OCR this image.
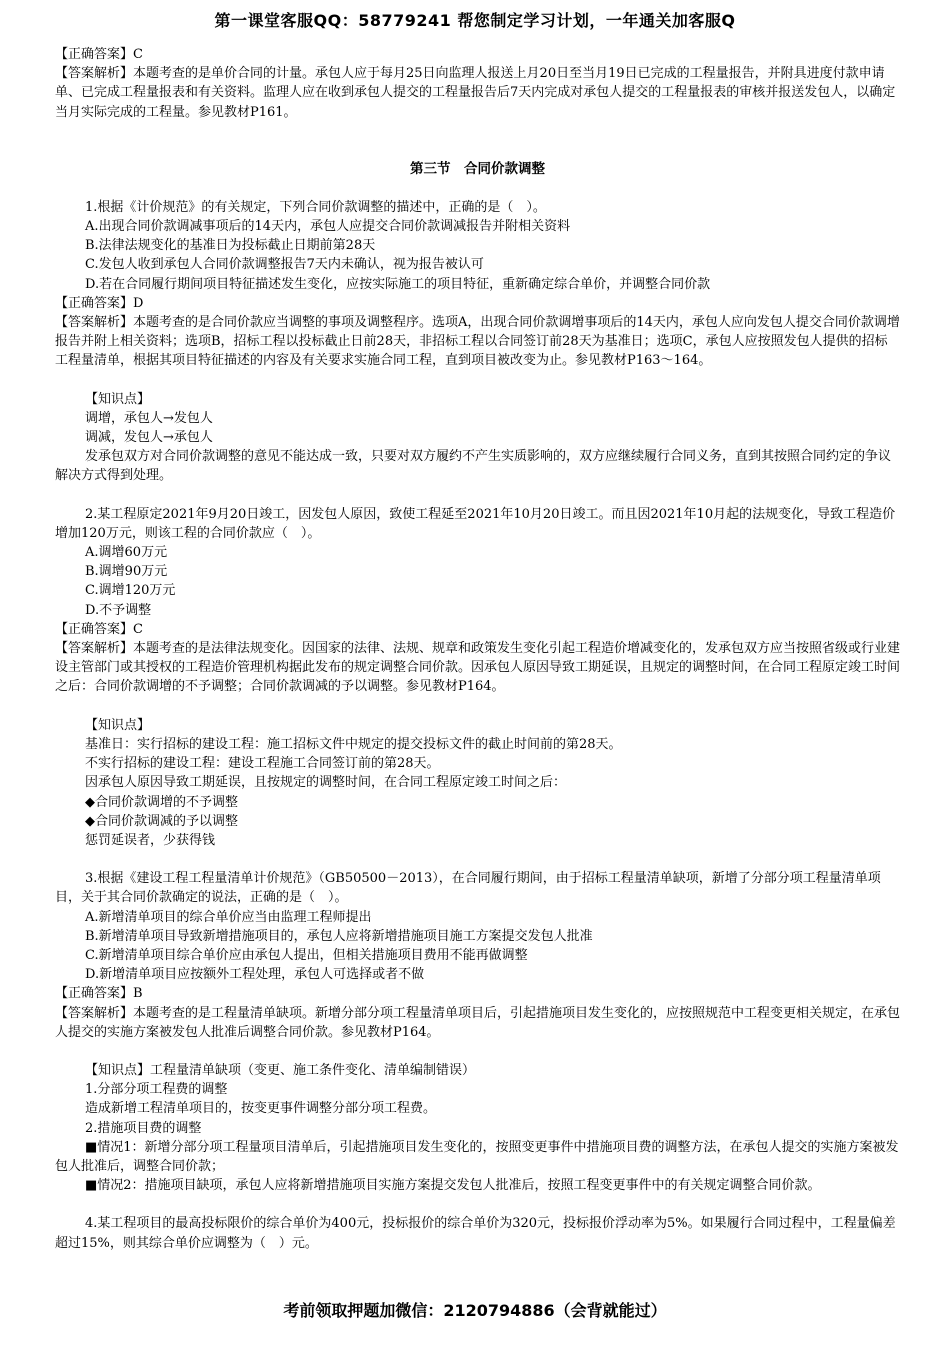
第一课堂客服QQ：58779241 帮您制定学习计划，一年通关加客服Q

【正确答案】C

【答案解析】本题考查的是单价合同的计量。承包人应于每月25日向监理人报送上月20日至当月19日已完成的工程量报告，并附具进度付款申请单、已完成工程量报表和有关资料。监理人应在收到承包人提交的工程量报告后7天内完成对承包人提交的工程量报表的审核并报送发包人，以确定当月实际完成的工程量。参见教材P161。

第三节　合同价款调整

1.根据《计价规范》的有关规定，下列合同价款调整的描述中，正确的是（　）。

A.出现合同价款调减事项后的14天内，承包人应提交合同价款调减报告并附相关资料

B.法律法规变化的基准日为投标截止日期前第28天

C.发包人收到承包人合同价款调整报告7天内未确认，视为报告被认可

D.若在合同履行期间项目特征描述发生变化，应按实际施工的项目特征，重新确定综合单价，并调整合同价款

【正确答案】D

【答案解析】本题考查的是合同价款应当调整的事项及调整程序。选项A，出现合同价款调增事项后的14天内，承包人应向发包人提交合同价款调增报告并附上相关资料；选项B，招标工程以投标截止日前28天，非招标工程以合同签订前28天为基准日；选项C，承包人应按照发包人提供的招标工程量清单，根据其项目特征描述的内容及有关要求实施合同工程，直到项目被改变为止。参见教材P163～164。

【知识点】

调增，承包人→发包人

调减，发包人→承包人

发承包双方对合同价款调整的意见不能达成一致，只要对双方履约不产生实质影响的，双方应继续履行合同义务，直到其按照合同约定的争议解决方式得到处理。

2.某工程原定2021年9月20日竣工，因发包人原因，致使工程延至2021年10月20日竣工。而且因2021年10月起的法规变化，导致工程造价增加120万元，则该工程的合同价款应（　）。

A.调增60万元

B.调增90万元

C.调增120万元

D.不予调整

【正确答案】C

【答案解析】本题考查的是法律法规变化。因国家的法律、法规、规章和政策发生变化引起工程造价增减变化的，发承包双方应当按照省级或行业建设主管部门或其授权的工程造价管理机构据此发布的规定调整合同价款。因承包人原因导致工期延误，且规定的调整时间，在合同工程原定竣工时间之后：合同价款调增的不予调整；合同价款调减的予以调整。参见教材P164。

【知识点】

基准日：实行招标的建设工程：施工招标文件中规定的提交投标文件的截止时间前的第28天。

不实行招标的建设工程：建设工程施工合同签订前的第28天。

因承包人原因导致工期延误，且按规定的调整时间，在合同工程原定竣工时间之后：

◆合同价款调增的不予调整

◆合同价款调减的予以调整

惩罚延误者，少获得钱

3.根据《建设工程工程量清单计价规范》（GB50500－2013），在合同履行期间，由于招标工程量清单缺项，新增了分部分项工程量清单项目，关于其合同价款确定的说法，正确的是（　）。

A.新增清单项目的综合单价应当由监理工程师提出

B.新增清单项目导致新增措施项目的，承包人应将新增措施项目施工方案提交发包人批准

C.新增清单项目综合单价应由承包人提出，但相关措施项目费用不能再做调整

D.新增清单项目应按额外工程处理，承包人可选择或者不做

【正确答案】B

【答案解析】本题考查的是工程量清单缺项。新增分部分项工程量清单项目后，引起措施项目发生变化的，应按照规范中工程变更相关规定，在承包人提交的实施方案被发包人批准后调整合同价款。参见教材P164。

【知识点】工程量清单缺项（变更、施工条件变化、清单编制错误）

1.分部分项工程费的调整

造成新增工程清单项目的，按变更事件调整分部分项工程费。

2.措施项目费的调整

■情况1：新增分部分项工程量项目清单后，引起措施项目发生变化的，按照变更事件中措施项目费的调整方法，在承包人提交的实施方案被发包人批准后，调整合同价款；

■情况2：措施项目缺项，承包人应将新增措施项目实施方案提交发包人批准后，按照工程变更事件中的有关规定调整合同价款。

4.某工程项目的最高投标限价的综合单价为400元，投标报价的综合单价为320元，投标报价浮动率为5%。如果履行合同过程中，工程量偏差超过15%，则其综合单价应调整为（　）元。

考前领取押题加微信：2120794886（会背就能过）
